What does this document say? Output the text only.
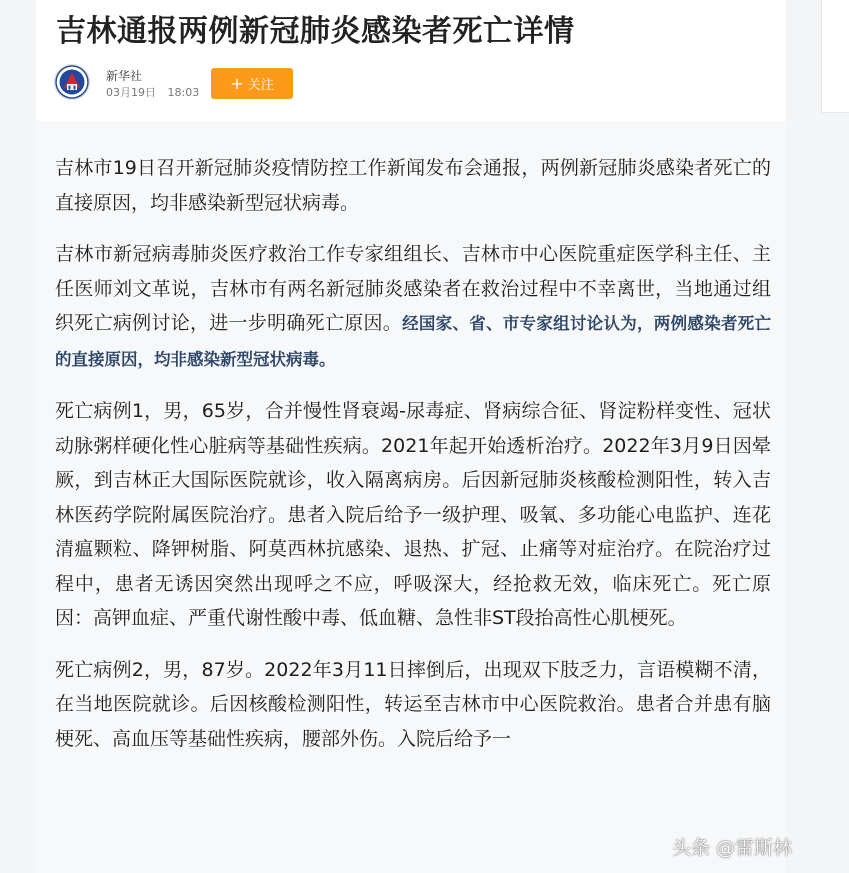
吉林通报两例新冠肺炎感染者死亡详情
新华社
03月19日 18:03 + 关注

吉林市19日召开新冠肺炎疫情防控工作新闻发布会通报，两例新冠肺炎感染者死亡的直接原因，均非感染新型冠状病毒。

吉林市新冠病毒肺炎医疗救治工作专家组组长、吉林市中心医院重症医学科主任、主任医师刘文革说，吉林市有两名新冠肺炎感染者在救治过程中不幸离世，当地通过组织死亡病例讨论，进一步明确死亡原因。经国家、省、市专家组讨论认为，两例感染者死亡的直接原因，均非感染新型冠状病毒。

死亡病例1，男，65岁，合并慢性肾衰竭-尿毒症、肾病综合征、肾淀粉样变性、冠状动脉粥样硬化性心脏病等基础性疾病。2021年起开始透析治疗。2022年3月9日因晕厥，到吉林正大国际医院就诊，收入隔离病房。后因新冠肺炎核酸检测阳性，转入吉林医药学院附属医院治疗。患者入院后给予一级护理、吸氧、多功能心电监护、连花清瘟颗粒、降钾树脂、阿莫西林抗感染、退热、扩冠、止痛等对症治疗。在院治疗过程中，患者无诱因突然出现呼之不应，呼吸深大，经抢救无效，临床死亡。死亡原因：高钾血症、严重代谢性酸中毒、低血糖、急性非ST段抬高性心肌梗死。

死亡病例2，男，87岁。2022年3月11日摔倒后，出现双下肢乏力，言语模糊不清，在当地医院就诊。后因核酸检测阳性，转运至吉林市中心医院救治。患者合并患有脑梗死、高血压等基础性疾病，腰部外伤。入院后给予一

头条 @雷斯林
